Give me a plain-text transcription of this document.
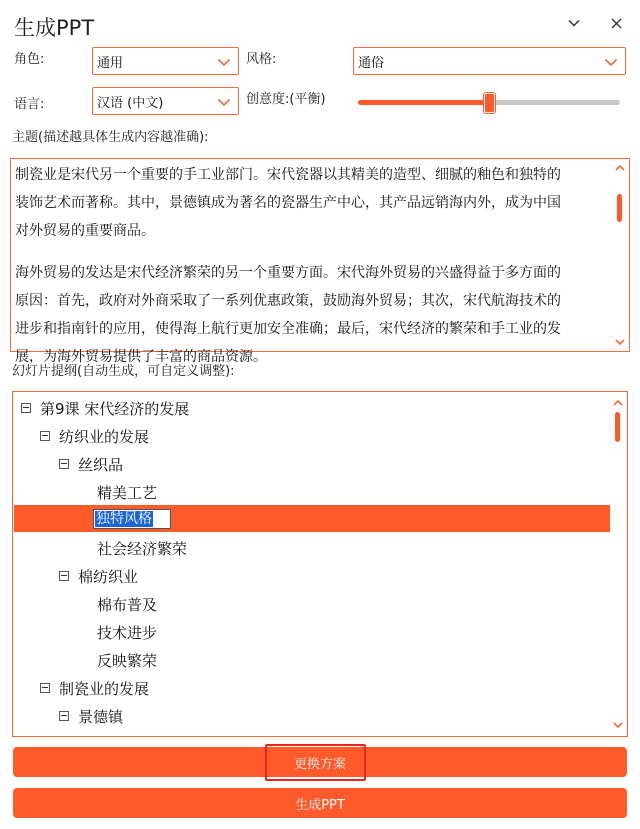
生成PPT
角色:	通用	风格:	通俗
语言:	汉语 (中文)	创意度:(平衡)
主题(描述越具体生成内容越准确):

制瓷业是宋代另一个重要的手工业部门。宋代瓷器以其精美的造型、细腻的釉色和独特的

装饰艺术而著称。其中，景德镇成为著名的瓷器生产中心，其产品远销海内外，成为中国

对外贸易的重要商品。

海外贸易的发达是宋代经济繁荣的另一个重要方面。宋代海外贸易的兴盛得益于多方面的

原因：首先，政府对外商采取了一系列优惠政策，鼓励海外贸易；其次，宋代航海技术的

进步和指南针的应用，使得海上航行更加安全准确；最后，宋代经济的繁荣和手工业的发

展，为海外贸易提供了丰富的商品资源。

幻灯片提纲(自动生成，可自定义调整):
第9课 宋代经济的发展
纺织业的发展
丝织品
精美工艺
独特风格
社会经济繁荣
棉纺织业
棉布普及
技术进步
反映繁荣
制瓷业的发展
景德镇
更换方案
生成PPT
